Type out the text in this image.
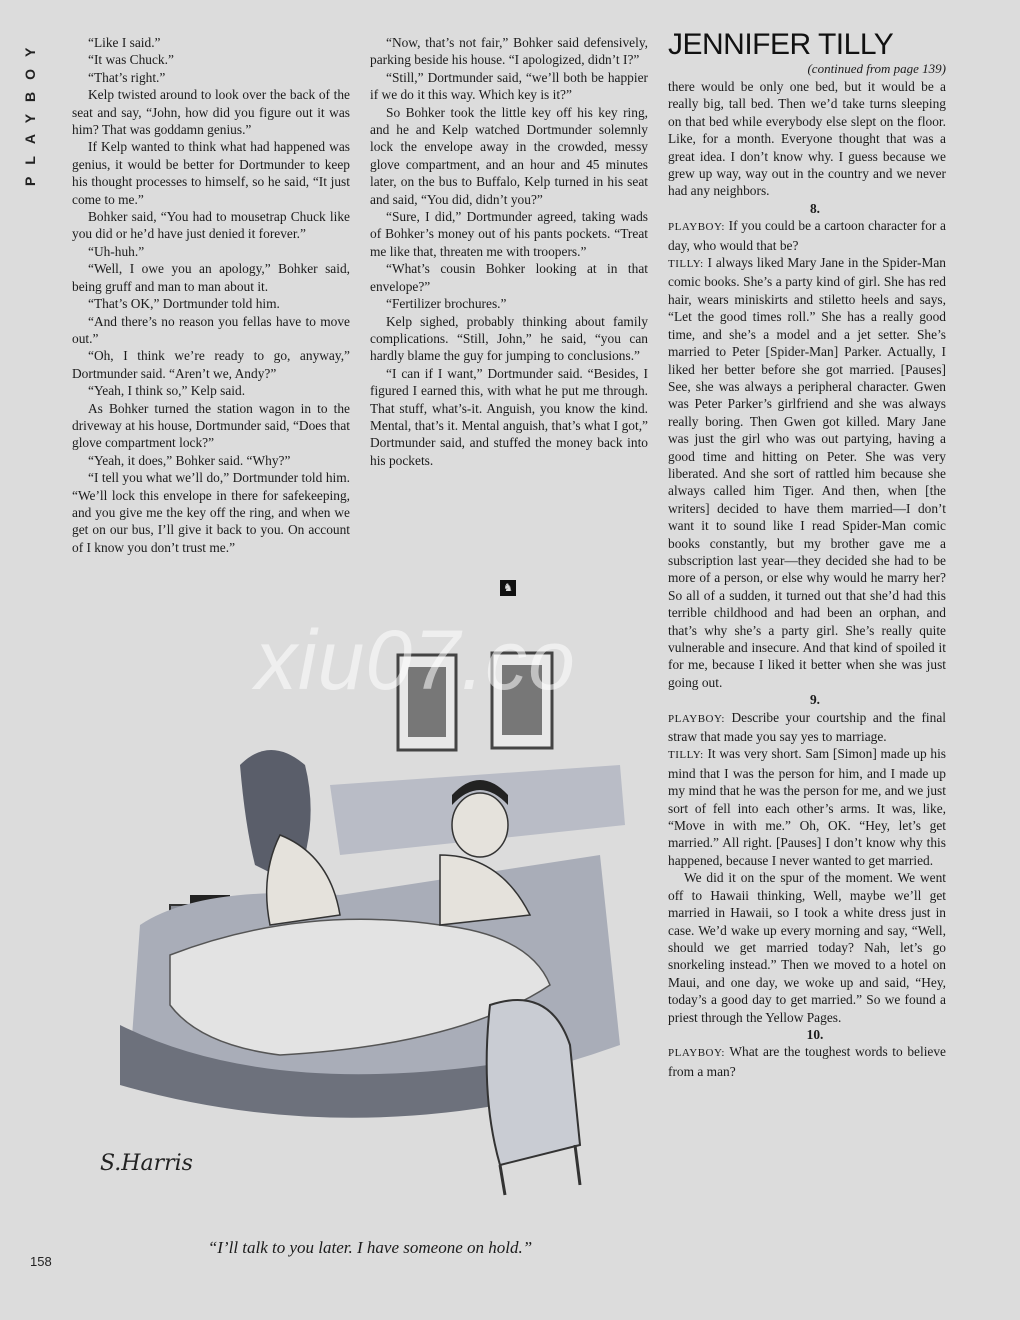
PLAYBOY	“Like I said.”

“It was Chuck.”

“That’s right.”

Kelp twisted around to look over the back of the seat and say, “John, how did you figure out it was him? That was goddamn genius.”

If Kelp wanted to think what had happened was genius, it would be better for Dortmunder to keep his thought processes to himself, so he said, “It just come to me.”

Bohker said, “You had to mousetrap Chuck like you did or he’d have just denied it forever.”

“Uh-huh.”

“Well, I owe you an apology,” Bohker said, being gruff and man to man about it.

“That’s OK,” Dortmunder told him.

“And there’s no reason you fellas have to move out.”

“Oh, I think we’re ready to go, anyway,” Dortmunder said. “Aren’t we, Andy?”

“Yeah, I think so,” Kelp said.

As Bohker turned the station wagon in to the driveway at his house, Dortmunder said, “Does that glove compartment lock?”

“Yeah, it does,” Bohker said. “Why?”

“I tell you what we’ll do,” Dortmunder told him. “We’ll lock this envelope in there for safekeeping, and you give me the key off the ring, and when we get on our bus, I’ll give it back to you. On account of I know you don’t trust me.”

“Now, that’s not fair,” Bohker said defensively, parking beside his house. “I apologized, didn’t I?”

“Still,” Dortmunder said, “we’ll both be happier if we do it this way. Which key is it?”

So Bohker took the little key off his key ring, and he and Kelp watched Dortmunder solemnly lock the envelope away in the crowded, messy glove compartment, and an hour and 45 minutes later, on the bus to Buffalo, Kelp turned in his seat and said, “You did, didn’t you?”

“Sure, I did,” Dortmunder agreed, taking wads of Bohker’s money out of his pants pockets. “Treat me like that, threaten me with troopers.”

“What’s cousin Bohker looking at in that envelope?”

“Fertilizer brochures.”

Kelp sighed, probably thinking about family complications. “Still, John,” he said, “you can hardly blame the guy for jumping to conclusions.”

“I can if I want,” Dortmunder said. “Besides, I figured I earned this, with what he put me through. That stuff, what’s-it. Anguish, you know the kind. Mental, that’s it. Mental anguish, that’s what I got,” Dortmunder said, and stuffed the money back into his pockets.

♞
JENNIFER TILLY
(continued from page 139)

there would be only one bed, but it would be a really big, tall bed. Then we’d take turns sleeping on that bed while everybody else slept on the floor. Like, for a month. Everyone thought that was a great idea. I don’t know why. I guess because we grew up way, way out in the country and we never had any neighbors.

8.

PLAYBOY: If you could be a cartoon character for a day, who would that be?

TILLY: I always liked Mary Jane in the Spider-Man comic books. She’s a party kind of girl. She has red hair, wears miniskirts and stiletto heels and says, “Let the good times roll.” She has a really good time, and she’s a model and a jet setter. She’s married to Peter [Spider-Man] Parker. Actually, I liked her better before she got married. [Pauses] See, she was always a peripheral character. Gwen was Peter Parker’s girlfriend and she was always really boring. Then Gwen got killed. Mary Jane was just the girl who was out partying, having a good time and hitting on Peter. She was very liberated. And she sort of rattled him because she always called him Tiger. And then, when [the writers] decided to have them married—I don’t want it to sound like I read Spider-Man comic books constantly, but my brother gave me a subscription last year—they decided she had to be more of a person, or else why would he marry her? So all of a sudden, it turned out that she’d had this terrible childhood and had been an orphan, and that’s why she’s a party girl. She’s really quite vulnerable and insecure. And that kind of spoiled it for me, because I liked it better when she was just going out.

9.

PLAYBOY: Describe your courtship and the final straw that made you say yes to marriage.

TILLY: It was very short. Sam [Simon] made up his mind that I was the person for him, and I made up my mind that he was the person for me, and we just sort of fell into each other’s arms. It was, like, “Move in with me.” Oh, OK. “Hey, let’s get married.” All right. [Pauses] I don’t know why this happened, because I never wanted to get married.

We did it on the spur of the moment. We went off to Hawaii thinking, Well, maybe we’ll get married in Hawaii, so I took a white dress just in case. We’d wake up every morning and say, “Well, should we get married today? Nah, let’s go snorkeling instead.” Then we moved to a hotel on Maui, and one day, we woke up and said, “Hey, today’s a good day to get married.” So we found a priest through the Yellow Pages.

10.

PLAYBOY: What are the toughest words to believe from a man?

S.Harris
xiu07.co
“I’ll talk to you later. I have someone on hold.”
158
